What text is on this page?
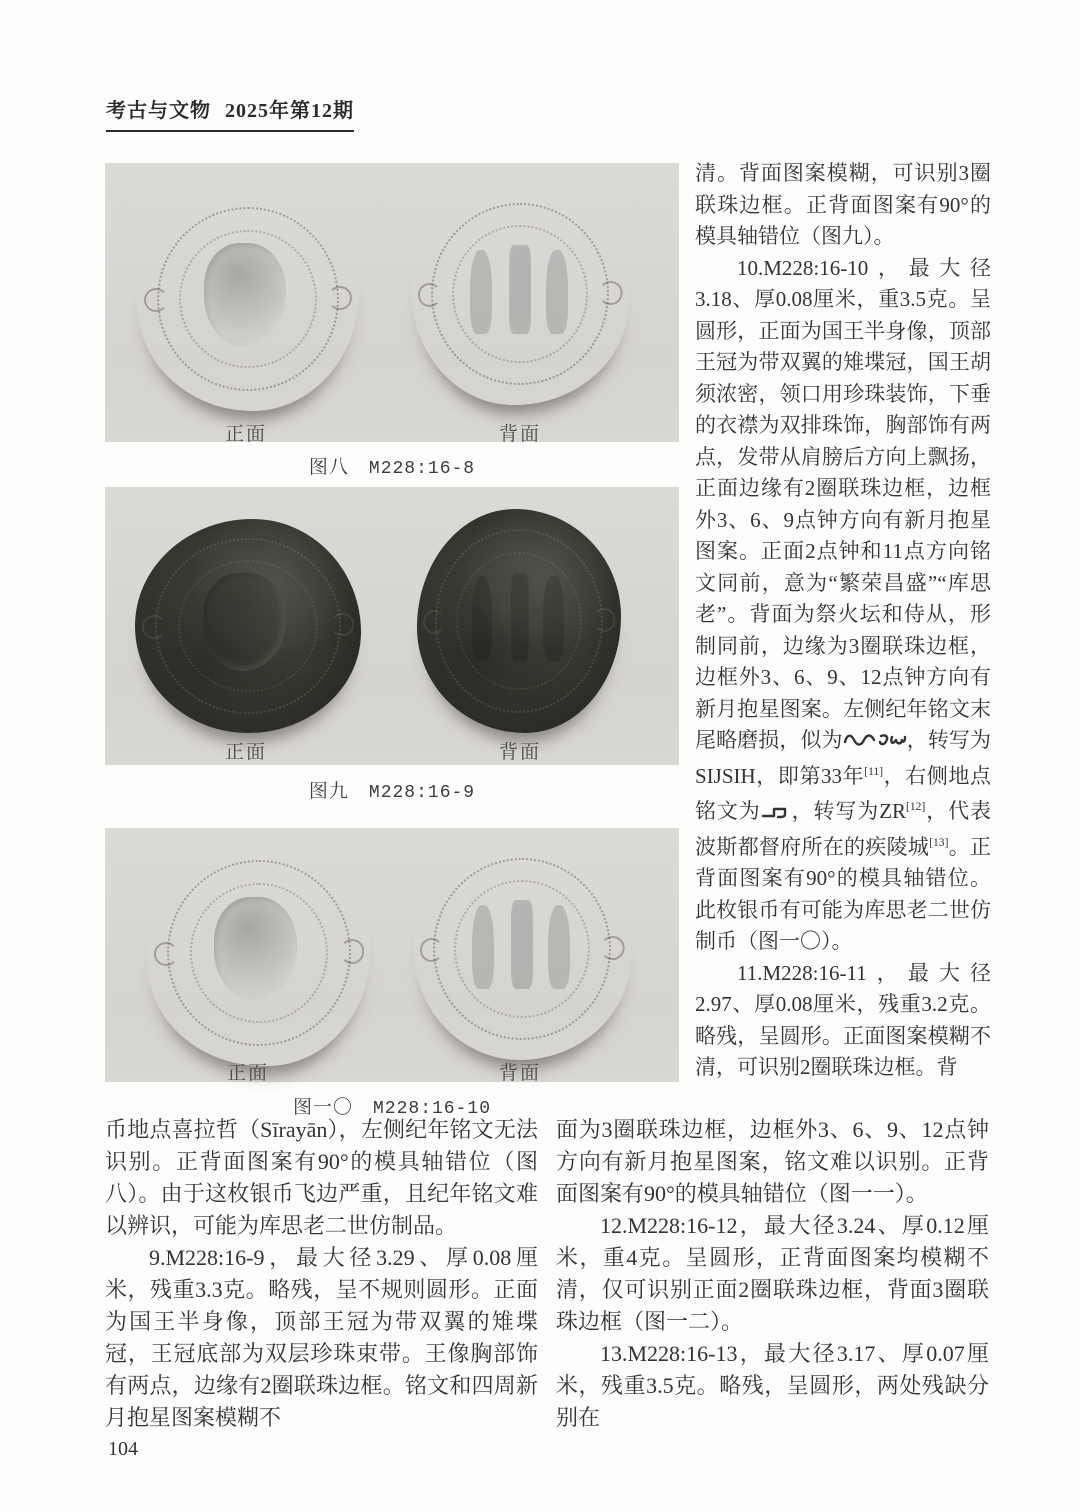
考古与文物 2025年第12期
正面	背面
图八 M228:16-8
正面	背面
图九 M228:16-9
正面	背面
图一〇 M228:16-10

清。背面图案模糊，可识别3圈联珠边框。正背面图案有90°的模具轴错位（图九）。

10.M228:16-10，最大径3.18、厚0.08厘米，重3.5克。呈圆形，正面为国王半身像，顶部王冠为带双翼的雉堞冠，国王胡须浓密，领口用珍珠装饰，下垂的衣襟为双排珠饰，胸部饰有两点，发带从肩膀后方向上飘扬，正面边缘有2圈联珠边框，边框外3、6、9点钟方向有新月抱星图案。正面2点钟和11点方向铭文同前，意为“繁荣昌盛”“库思老”。背面为祭火坛和侍从，形制同前，边缘为3圈联珠边框，边框外3、6、9、12点钟方向有新月抱星图案。左侧纪年铭文末尾略磨损，似为	，转写为SIJSIH，即第33年[11]，右侧地点铭文为 ，转写为ZR[12]，代表波斯都督府所在的疾陵城[13]。正背面图案有90°的模具轴错位。此枚银币有可能为库思老二世仿制币（图一〇）。

11.M228:16-11，最大径2.97、厚0.08厘米，残重3.2克。略残，呈圆形。正面图案模糊不清，可识别2圈联珠边框。背

币地点喜拉哲（Sīrayān），左侧纪年铭文无法识别。正背面图案有90°的模具轴错位（图八）。由于这枚银币飞边严重，且纪年铭文难以辨识，可能为库思老二世仿制品。

9.M228:16-9，最大径3.29、厚0.08厘米，残重3.3克。略残，呈不规则圆形。正面为国王半身像，顶部王冠为带双翼的雉堞冠，王冠底部为双层珍珠束带。王像胸部饰有两点，边缘有2圈联珠边框。铭文和四周新月抱星图案模糊不

面为3圈联珠边框，边框外3、6、9、12点钟方向有新月抱星图案，铭文难以识别。正背面图案有90°的模具轴错位（图一一）。

12.M228:16-12，最大径3.24、厚0.12厘米，重4克。呈圆形，正背面图案均模糊不清，仅可识别正面2圈联珠边框，背面3圈联珠边框（图一二）。

13.M228:16-13，最大径3.17、厚0.07厘米，残重3.5克。略残，呈圆形，两处残缺分别在

104
